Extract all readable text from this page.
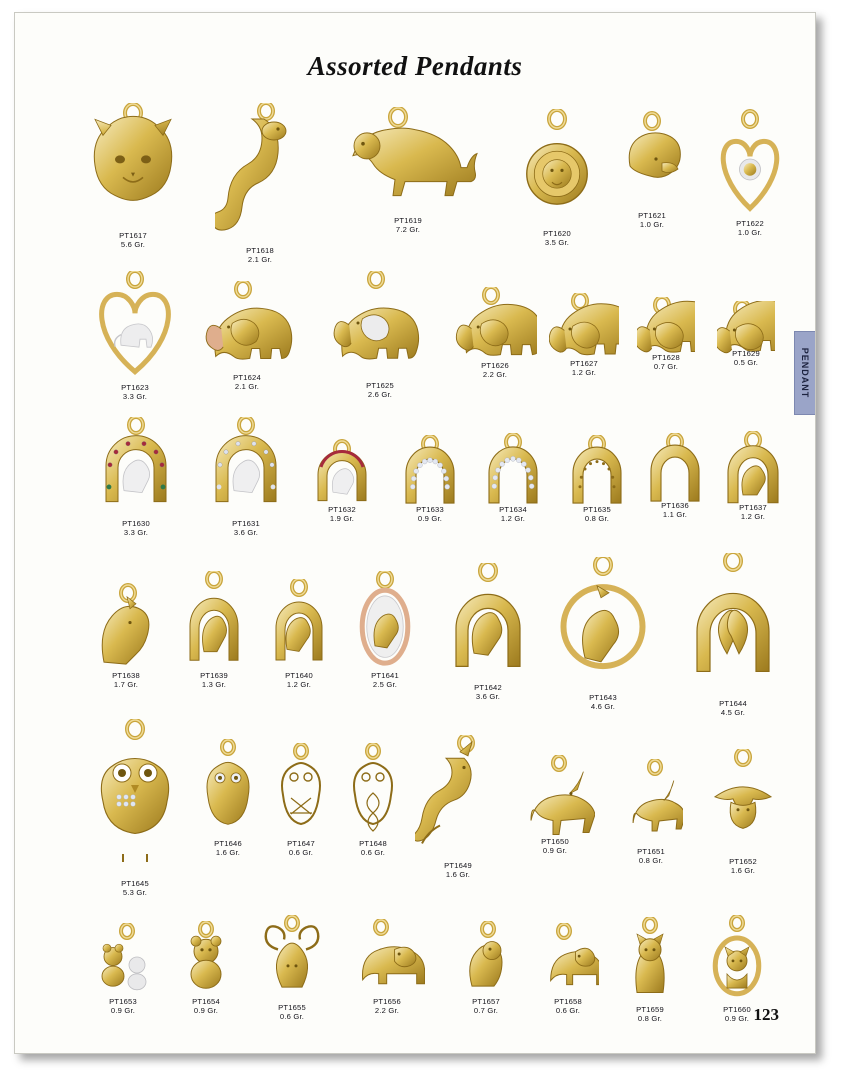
Assorted Pendants
PENDANT
PT1617
5.6 Gr.
PT1618
2.1 Gr.
PT1619
7.2 Gr.	PT1620
3.5 Gr.
PT1621
1.0 Gr.	PT1622
1.0 Gr.
PT1623
3.3 Gr.
PT1624
2.1 Gr.	PT1625
2.6 Gr.
PT1626
2.2 Gr.
PT1627
1.2 Gr.
PT1628
0.7 Gr.
PT1629
0.5 Gr.
PT1630
3.3 Gr.
PT1631
3.6 Gr.
PT1632
1.9 Gr.
PT1633
0.9 Gr.
PT1634
1.2 Gr.
PT1635
0.8 Gr.
PT1636
1.1 Gr.
PT1637
1.2 Gr.
PT1638
1.7 Gr.
PT1639
1.3 Gr.
PT1640
1.2 Gr.
PT1641
2.5 Gr.	PT1642
3.6 Gr.	PT1643
4.6 Gr.	PT1644
4.5 Gr.
PT1645
5.3 Gr.
PT1646
1.6 Gr.
PT1647
0.6 Gr.
PT1648
0.6 Gr.
PT1649
1.6 Gr.
PT1650
0.9 Gr.	PT1651
0.8 Gr.	PT1652
1.6 Gr.
PT1653
0.9 Gr.
PT1654
0.9 Gr.	PT1655
0.6 Gr.
PT1656
2.2 Gr.
PT1657
0.7 Gr.
PT1658
0.6 Gr.	PT1659
0.8 Gr.
PT1660
0.9 Gr. 123
